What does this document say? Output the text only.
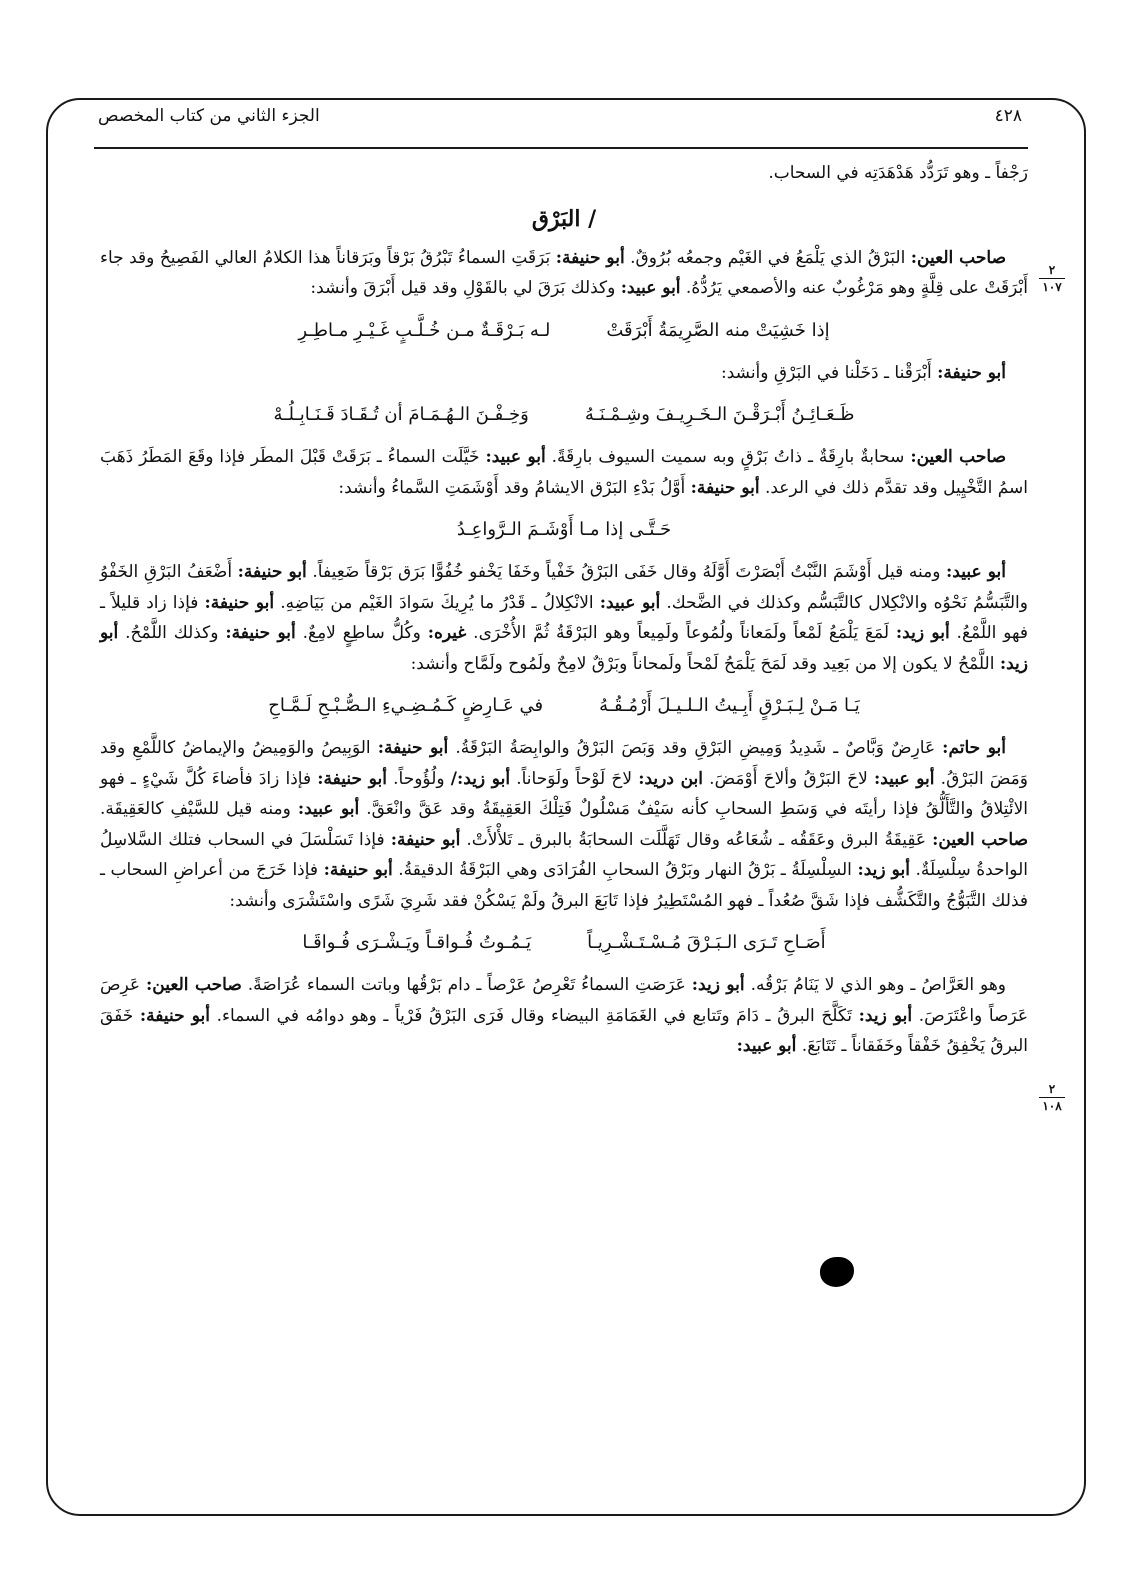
٤٢٨
الجزء الثاني من كتاب المخصص
٢
١٠٧
٢
١٠٨

رَجْفاً ـ وهو تَرَدُّد هَدْهَدَتِه في السحاب.

/ البَرْق

صاحب العين: البَرْقُ الذي يَلْمَعُ في الغَيْم وجمعُه بُرُوقٌ. أبو حنيفة: بَرَقَتِ السماءُ تَبْرُقُ بَرْقاً وبَرَقاناً هذا الكلامُ العالي الفَصِيحُ وقد جاء أَبْرَقَتْ على قِلَّةٍ وهو مَرْغُوبٌ عنه والأصمعي يَرُدُّهُ. أبو عبيد: وكذلك بَرَقَ لي بالقَوْلِ وقد قيل أَبْرَقَ وأنشد:

إذا خَشِيَتْ منه الصَّرِيمَةُ أَبْرَقَتْ
لـه بَـرْقَـةٌ مـن خُـلَّـبٍ غَـيْـرِ مـاطِـرِ

أبو حنيفة: أَبْرَقْنا ـ دَخَلْنا في البَرْقِ وأنشد:

ظَـعَـائِـنُ أَبْـرَقْـنَ الـخَـرِيـفَ وشِـمْـنَـهُ
وَخِـفْـنَ الـهُـمَـامَ أن تُـقَـادَ قَـنَـابِـلُـهْ

صاحب العين: سحابةٌ بارِقَةٌ ـ ذاتُ بَرْقٍ وبه سميت السيوف بارِقَةً. أبو عبيد: خَيَّلَت السماءُ ـ بَرَقَتْ قَبْلَ المطَر فإذا وقَعَ المَطَرُ ذَهَبَ اسمُ التَّخْيِيل وقد تقدَّم ذلك في الرعد. أبو حنيفة: أَوَّلُ بَدْءِ البَرْق الايشامُ وقد أَوْشَمَتِ السَّماءُ وأنشد:

حَـتَّـى إذا مـا أَوْشَـمَ الـرَّواعِـدُ

أبو عبيد: ومنه قيل أَوْشَمَ النَّبْتُ أَبْصَرْتَ أَوَّلَهُ وقال خَفَى البَرْقُ خَفْياً وخَفَا يَخْفو خُفُوًّا بَرَق بَرْقاً ضَعِيفاً. أبو حنيفة: أَضْعَفُ البَرْقِ الخَفْوُ والتَّبَسُّمُ نَحْوُه والانْكِلال كالتَّبَسُّم وكذلك في الضَّحك. أبو عبيد: الانْكِلالُ ـ قَدْرُ ما يُرِيكَ سَوادَ الغَيْم من بَيَاضِهِ. أبو حنيفة: فإذا زاد قليلاً ـ فهو اللَّمْعُ. أبو زيد: لَمَعَ يَلْمَعُ لَمْعاً ولَمَعاناً ولُمُوعاً ولَمِيعاً وهو البَرْقَةُ ثُمَّ الأُخْرَى. غيره: وكُلُّ ساطِعٍ لامِعٌ. أبو حنيفة: وكذلك اللَّمْحُ. أبو زيد: اللَّمْحُ لا يكون إلا من بَعِيد وقد لَمَحَ يَلْمَحُ لَمْحاً ولَمحاناً وبَرْقٌ لامِحٌ ولَمُوح ولَمَّاح وأنشد:

يَـا مَـنْ لِـبَـرْقٍ أَبِـيتُ الـلـيـلَ أَرْمُـقُـهُ
في عَـارِضٍ كَـمُـضِـيءِ الـصُّـبْـحِ لَـمَّـاحِ

أبو حاتم: عَارِضٌ وَبَّاصٌ ـ شَدِيدُ وَمِيضِ البَرْقِ وقد وَبَصَ البَرْقُ والوابِصَةُ البَرْقَةُ. أبو حنيفة: الوَبِيصُ والوَمِيضُ والإيماضُ كاللَّمْعِ وقد وَمَضَ البَرْقُ. أبو عبيد: لاحَ البَرْقُ وألاحَ أَوْمَضَ. ابن دريد: لاحَ لَوْحاً ولَوَحاناً. أبو زيد:/ ولُؤُوحاً. أبو حنيفة: فإذا زادَ فأضاءَ كُلَّ شَيْءٍ ـ فهو الائْتِلاقُ والتَّأَلُّقُ فإذا رأيتَه في وَسَطِ السحابِ كأنه سَيْفٌ مَسْلُولٌ فَتِلْكَ العَقِيقَةُ وقد عَقَّ وانْعَقَّ. أبو عبيد: ومنه قيل للسَّيْفِ كالعَقِيقَة. صاحب العين: عَقِيقَةُ البرق وعَقَقُه ـ شُعَاعُه وقال تَهَلَّلَت السحابَةُ بالبرق ـ تَلأْلأَتْ. أبو حنيفة: فإذا تَسَلْسَلَ في السحاب فتلك السَّلاسِلُ الواحدةُ سِلْسِلَةٌ. أبو زيد: السِلْسِلَةُ ـ بَرْقُ النهار وبَرْقُ السحابِ الفُرَادَى وهي البَرْقَةُ الدقيقةُ. أبو حنيفة: فإذا خَرَجَ من أعراضِ السحاب ـ فذلك التَّبَوُّجُ والتَّكَشُّف فإذا شَقَّ صُعُداً ـ فهو المُسْتَطِيرُ فإذا تَابَعَ البرقُ ولَمْ يَسْكُنْ فقد شَرِيَ شَرًى واسْتَشْرَى وأنشد:

أَصَـاحِ تَـرَى الـبَـرْقَ مُـسْـتَـشْـرِيـاً
يَـمُـوتُ فُـواقـاً ويَـشْـرَى فُـواقَـا

وهو العَرَّاصُ ـ وهو الذي لا يَنَامُ بَرْقُه. أبو زيد: عَرَصَتِ السماءُ تَعْرِصُ عَرْصاً ـ دام بَرْقُها وباتت السماء عُرَاصَةً. صاحب العين: عَرِصَ عَرَصاً واعْتَرَصَ. أبو زيد: تَكَلَّحَ البرقُ ـ دَامَ وتَتابع في الغَمَامَةِ البيضاء وقال فَرَى البَرْقُ فَرْياً ـ وهو دوامُه في السماء. أبو حنيفة: خَفَقَ البرقُ يَخْفِقُ خَفْقاً وخَفَقاناً ـ تَتَابَعَ. أبو عبيد:
